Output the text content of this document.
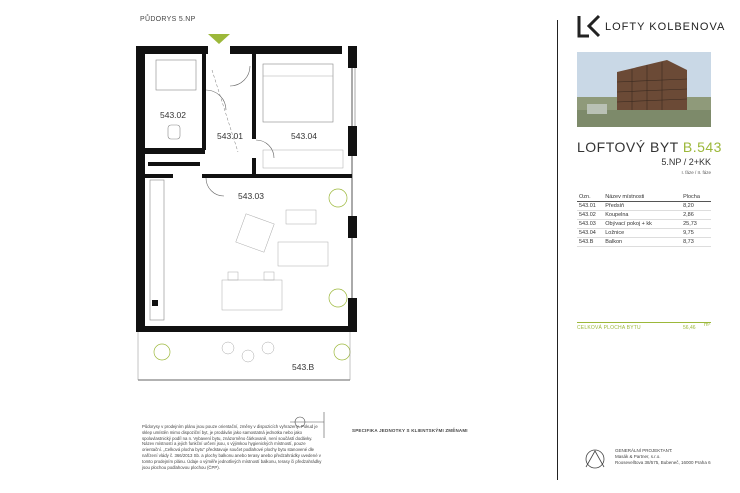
PŮDORYS 5.NP
543.02
543.01	543.04
543.03
543.B
Půdorysy v prodejním plánu jsou pouze orientační, změny v dispozicích vyhrazeny. Pokud je sklep umístěn mimo dispoziční byt, je prodáván jako samostatná jednotka nebo jako spoluvlastnický podíl na n. Vybavení bytu, znázorněno čárkovaně, není součástí dodávky. Název místností a jejich funkční určení jsou, s výjimkou hygienických místností, pouze orientační. „Celková plocha bytu" představuje součet podlahové plochy bytu stanovené dle nařízení vlády č. 366/2013 Sb. a plochy balkonu anebo terasy anebo předzahrádky uvedené v tomto prodejním plánu. Údaje o výměře jednotlivých místností balkonu, terasy či předzahrádky jsou plochou podlahovou plochou (ČPP).
SPECIFIKA JEDNOTKY S KLIENTSKÝMI ZMĚNAMI
LOFTY KOLBENOVA
LOFTOVÝ BYT B.543
5.NP / 2+KK
I. fáze / II. fáze
Ozn.	Název místnosti	Plocha
543.01	Předsíň	8,20
543.02	Koupelna	2,86
543.03	Obývací pokoj + kk	25,73
543.04	Ložnice	9,75
543.B	Balkon	8,73
CELKOVÁ PLOCHA BYTU	56,46 m²
GENERÁLNÍ PROJEKTANT:
Masák & Partner, s.r.o.
Roosevelltova 38/575, Bubeneč, 16000 Praha 6
